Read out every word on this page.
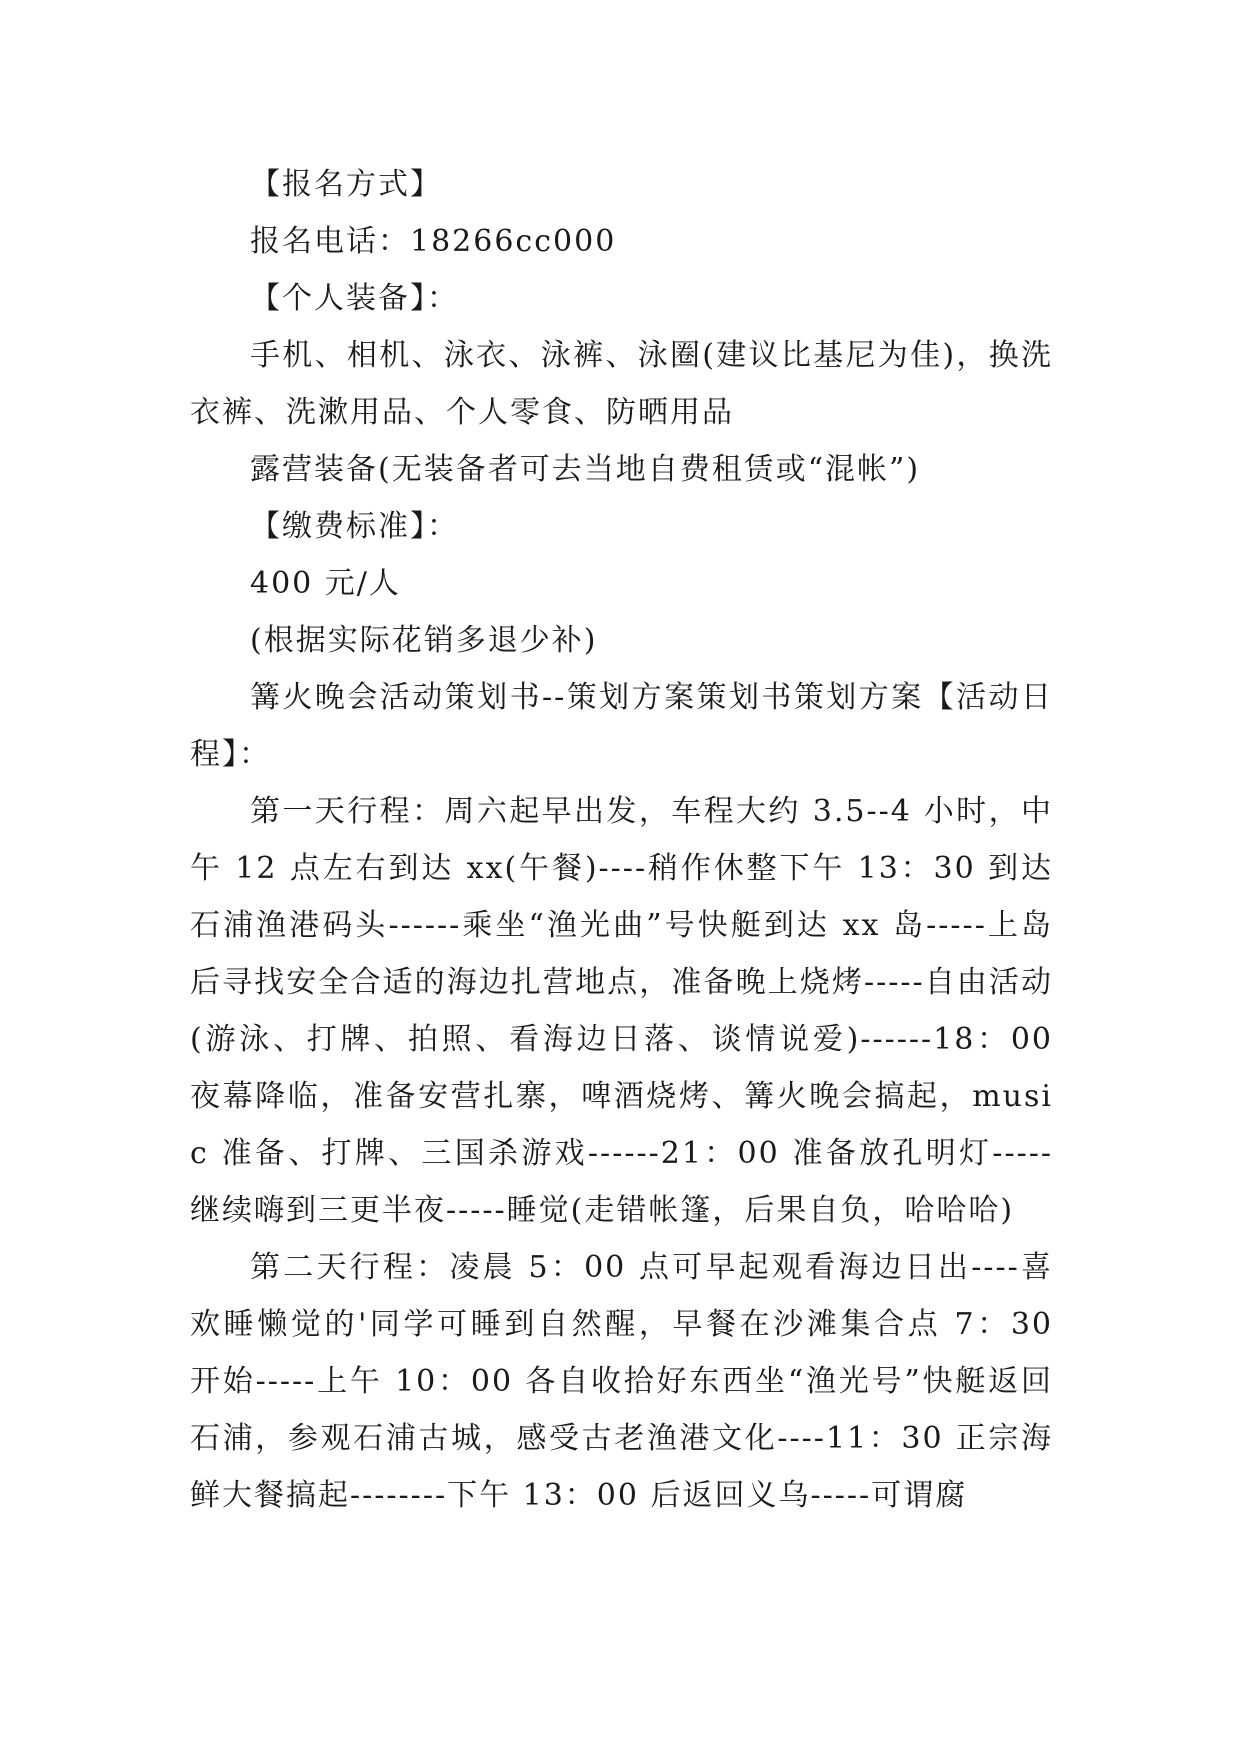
【报名方式】

报名电话：18266cc000

【个人装备】：

手机、相机、泳衣、泳裤、泳圈(建议比基尼为佳)，换洗衣裤、洗漱用品、个人零食、防晒用品

露营装备(无装备者可去当地自费租赁或“混帐”)

【缴费标准】：

400 元/人

(根据实际花销多退少补)

篝火晚会活动策划书--策划方案策划书策划方案【活动日程】：

第一天行程：周六起早出发，车程大约 3.5--4 小时，中午 12 点左右到达 xx(午餐)----稍作休整下午 13：30 到达石浦渔港码头------乘坐“渔光曲”号快艇到达 xx 岛-----上岛后寻找安全合适的海边扎营地点，准备晚上烧烤-----自由活动(游泳、打牌、拍照、看海边日落、谈情说爱)------18：00 夜幕降临，准备安营扎寨，啤酒烧烤、篝火晚会搞起，music 准备、打牌、三国杀游戏------21：00 准备放孔明灯-----继续嗨到三更半夜-----睡觉(走错帐篷，后果自负，哈哈哈)

第二天行程：凌晨 5：00 点可早起观看海边日出----喜欢睡懒觉的'同学可睡到自然醒，早餐在沙滩集合点 7：30 开始-----上午 10：00 各自收拾好东西坐“渔光号”快艇返回石浦，参观石浦古城，感受古老渔港文化----11：30 正宗海鲜大餐搞起--------下午 13：00 后返回义乌-----可谓腐
